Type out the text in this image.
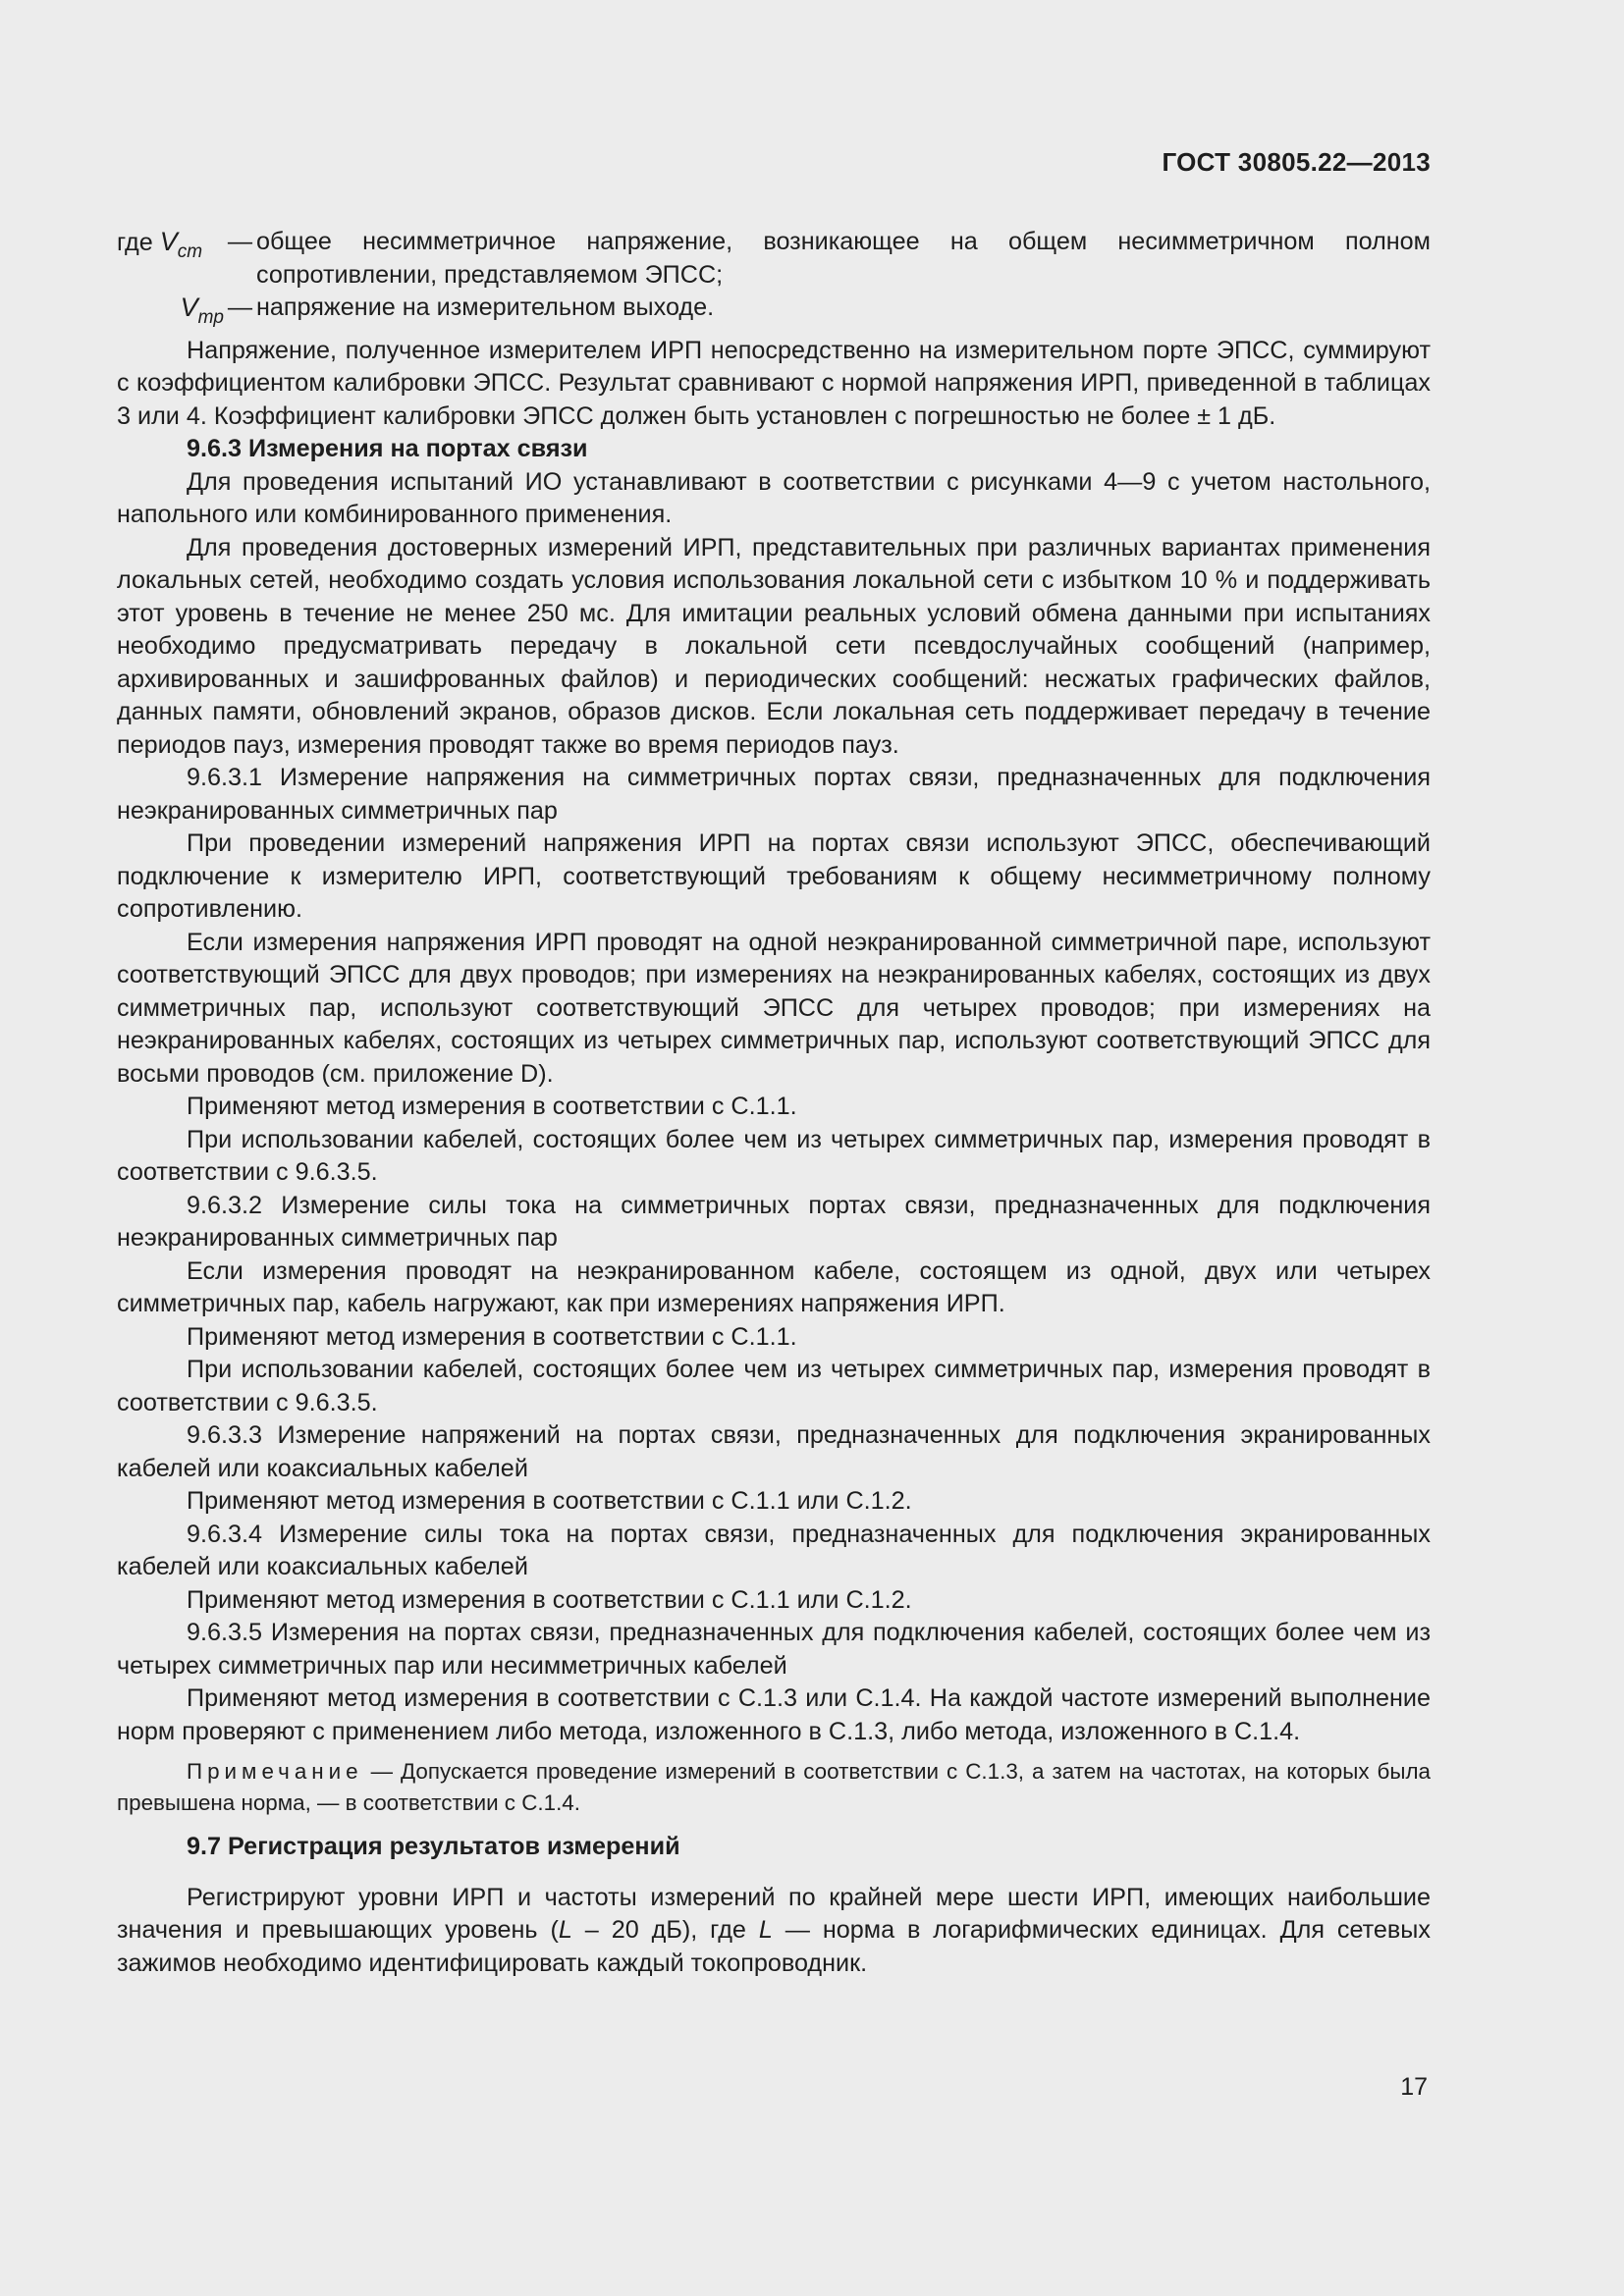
ГОСТ 30805.22—2013
где $V_{cm}$	— общее несимметричное напряжение, возникающее на общем несимметричном полном сопротивлении, представляемом ЭПСС;
$V_{mp}$ — напряжение на измерительном выходе.

Напряжение, полученное измерителем ИРП непосредственно на измерительном порте ЭПСС, суммируют с коэффициентом калибровки ЭПСС. Результат сравнивают с нормой напряжения ИРП, приведенной в таблицах 3 или 4. Коэффициент калибровки ЭПСС должен быть установлен с погрешностью не более ± 1 дБ.

9.6.3 Измерения на портах связи

Для проведения испытаний ИО устанавливают в соответствии с рисунками 4—9 с учетом настольного, напольного или комбинированного применения.

Для проведения достоверных измерений ИРП, представительных при различных вариантах применения локальных сетей, необходимо создать условия использования локальной сети с избытком 10 % и поддерживать этот уровень в течение не менее 250 мс. Для имитации реальных условий обмена данными при испытаниях необходимо предусматривать передачу в локальной сети псевдослучайных сообщений (например, архивированных и зашифрованных файлов) и периодических сообщений: несжатых графических файлов, данных памяти, обновлений экранов, образов дисков. Если локальная сеть поддерживает передачу в течение периодов пауз, измерения проводят также во время периодов пауз.

9.6.3.1 Измерение напряжения на симметричных портах связи, предназначенных для подключения неэкранированных симметричных пар

При проведении измерений напряжения ИРП на портах связи используют ЭПСС, обеспечивающий подключение к измерителю ИРП, соответствующий требованиям к общему несимметричному полному сопротивлению.

Если измерения напряжения ИРП проводят на одной неэкранированной симметричной паре, используют соответствующий ЭПСС для двух проводов; при измерениях на неэкранированных кабелях, состоящих из двух симметричных пар, используют соответствующий ЭПСС для четырех проводов; при измерениях на неэкранированных кабелях, состоящих из четырех симметричных пар, используют соответствующий ЭПСС для восьми проводов (см. приложение D).

Применяют метод измерения в соответствии с С.1.1.

При использовании кабелей, состоящих более чем из четырех симметричных пар, измерения проводят в соответствии с 9.6.3.5.

9.6.3.2 Измерение силы тока на симметричных портах связи, предназначенных для подключения неэкранированных симметричных пар

Если измерения проводят на неэкранированном кабеле, состоящем из одной, двух или четырех симметричных пар, кабель нагружают, как при измерениях напряжения ИРП.

Применяют метод измерения в соответствии с С.1.1.

При использовании кабелей, состоящих более чем из четырех симметричных пар, измерения проводят в соответствии с 9.6.3.5.

9.6.3.3 Измерение напряжений на портах связи, предназначенных для подключения экранированных кабелей или коаксиальных кабелей

Применяют метод измерения в соответствии с С.1.1 или С.1.2.

9.6.3.4 Измерение силы тока на портах связи, предназначенных для подключения экранированных кабелей или коаксиальных кабелей

Применяют метод измерения в соответствии с С.1.1 или С.1.2.

9.6.3.5 Измерения на портах связи, предназначенных для подключения кабелей, состоящих более чем из четырех симметричных пар или несимметричных кабелей

Применяют метод измерения в соответствии с С.1.3 или С.1.4. На каждой частоте измерений выполнение норм проверяют с применением либо метода, изложенного в С.1.3, либо метода, изложенного в С.1.4.

Примечание — Допускается проведение измерений в соответствии с С.1.3, а затем на частотах, на которых была превышена норма, — в соответствии с С.1.4.

9.7 Регистрация результатов измерений

Регистрируют уровни ИРП и частоты измерений по крайней мере шести ИРП, имеющих наибольшие значения и превышающих уровень (L – 20 дБ), где L — норма в логарифмических единицах. Для сетевых зажимов необходимо идентифицировать каждый токопроводник.

17
